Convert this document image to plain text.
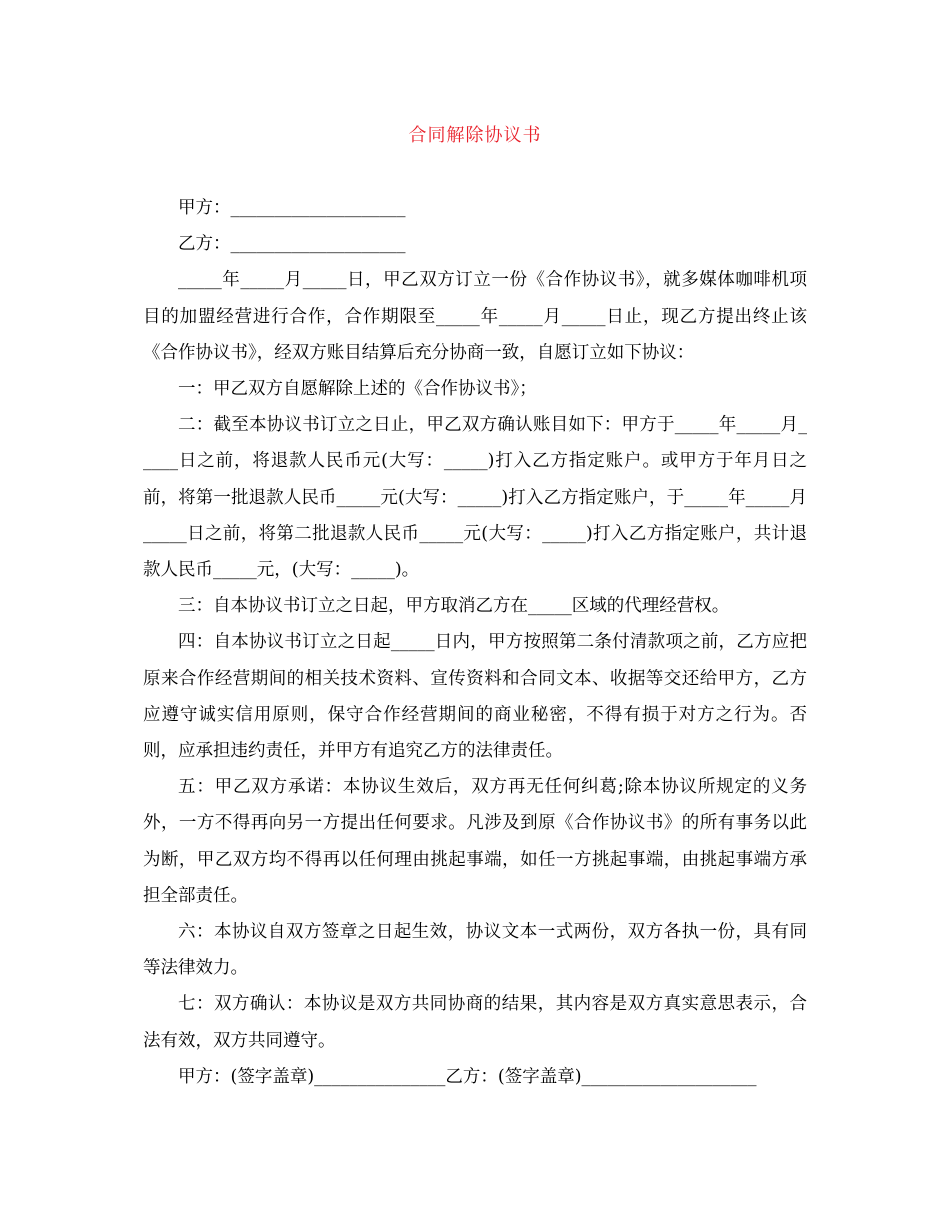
合同解除协议书

甲方：____________________

乙方：____________________

_____年_____月_____日，甲乙双方订立一份《合作协议书》，就多媒体咖啡机项目的加盟经营进行合作，合作期限至_____年_____月_____日止，现乙方提出终止该《合作协议书》，经双方账目结算后充分协商一致，自愿订立如下协议：

一：甲乙双方自愿解除上述的《合作协议书》；

二：截至本协议书订立之日止，甲乙双方确认账目如下：甲方于_____年_____月_____日之前，将退款人民币元(大写：_____)打入乙方指定账户。或甲方于年月日之前，将第一批退款人民币_____元(大写：_____)打入乙方指定账户，于_____年_____月_____日之前，将第二批退款人民币_____元(大写：_____)打入乙方指定账户，共计退款人民币_____元，(大写：_____)。

三：自本协议书订立之日起，甲方取消乙方在_____区域的代理经营权。

四：自本协议书订立之日起_____日内，甲方按照第二条付清款项之前，乙方应把原来合作经营期间的相关技术资料、宣传资料和合同文本、收据等交还给甲方，乙方应遵守诚实信用原则，保守合作经营期间的商业秘密，不得有损于对方之行为。否则，应承担违约责任，并甲方有追究乙方的法律责任。

五：甲乙双方承诺：本协议生效后，双方再无任何纠葛;除本协议所规定的义务外，一方不得再向另一方提出任何要求。凡涉及到原《合作协议书》的所有事务以此为断，甲乙双方均不得再以任何理由挑起事端，如任一方挑起事端，由挑起事端方承担全部责任。

六：本协议自双方签章之日起生效，协议文本一式两份，双方各执一份，具有同等法律效力。

七：双方确认：本协议是双方共同协商的结果，其内容是双方真实意思表示，合法有效，双方共同遵守。

甲方：(签字盖章)_______________乙方：(签字盖章)____________________
